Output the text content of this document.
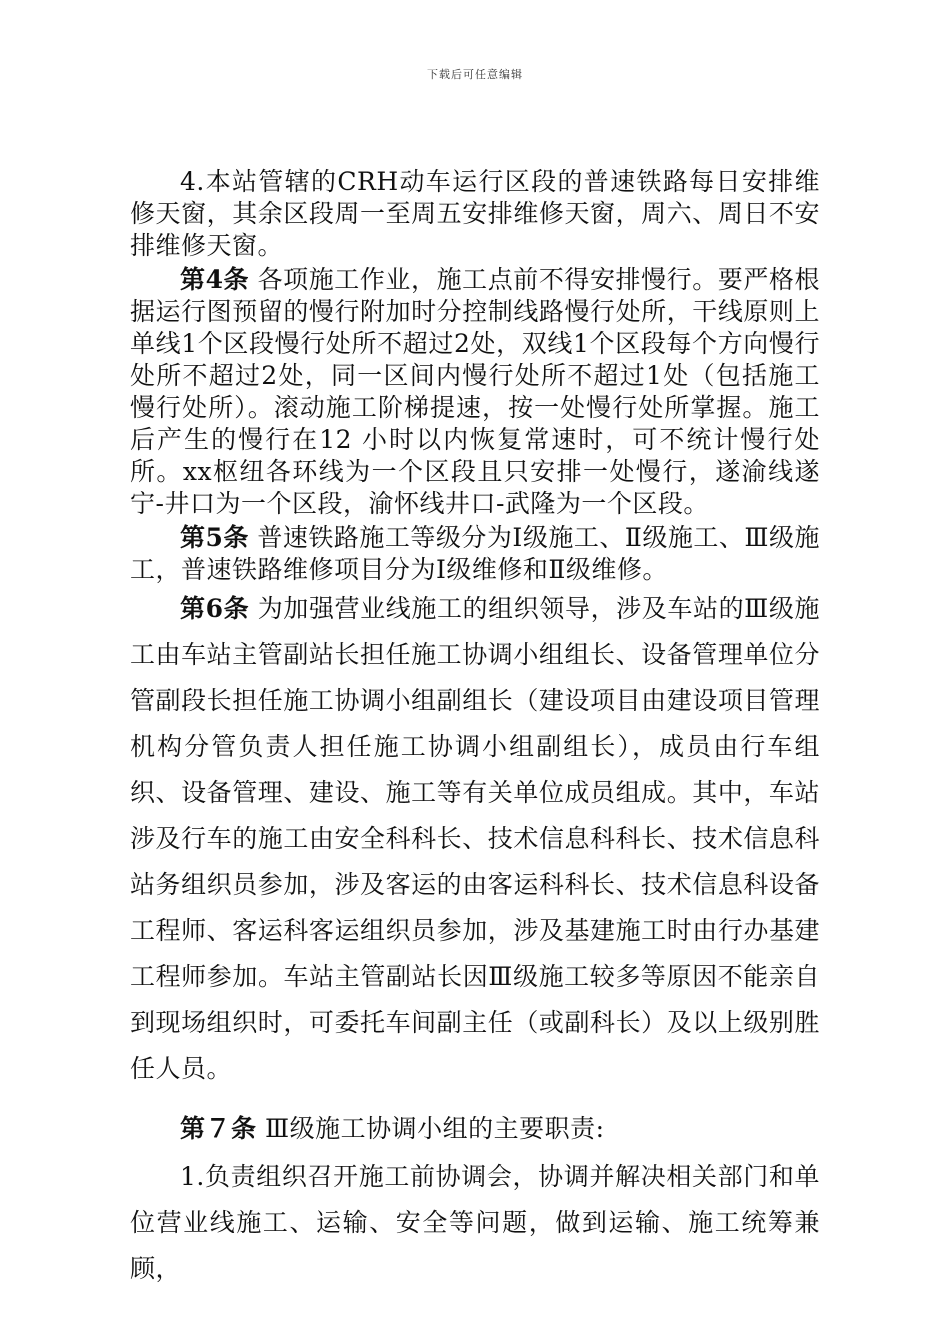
下载后可任意编辑

4.本站管辖的CRH动车运行区段的普速铁路每日安排维修天窗，其余区段周一至周五安排维修天窗，周六、周日不安排维修天窗。

第4条 各项施工作业，施工点前不得安排慢行。要严格根据运行图预留的慢行附加时分控制线路慢行处所，干线原则上单线1个区段慢行处所不超过2处，双线1个区段每个方向慢行处所不超过2处，同一区间内慢行处所不超过1处（包括施工慢行处所）。滚动施工阶梯提速，按一处慢行处所掌握。施工后产生的慢行在12 小时以内恢复常速时，可不统计慢行处所。xx枢纽各环线为一个区段且只安排一处慢行，遂渝线遂宁-井口为一个区段，渝怀线井口-武隆为一个区段。

第5条 普速铁路施工等级分为Ⅰ级施工、Ⅱ级施工、Ⅲ级施工，普速铁路维修项目分为Ⅰ级维修和Ⅱ级维修。

第6条 为加强营业线施工的组织领导，涉及车站的Ⅲ级施工由车站主管副站长担任施工协调小组组长、设备管理单位分管副段长担任施工协调小组副组长（建设项目由建设项目管理机构分管负责人担任施工协调小组副组长），成员由行车组织、设备管理、建设、施工等有关单位成员组成。其中，车站涉及行车的施工由安全科科长、技术信息科科长、技术信息科站务组织员参加，涉及客运的由客运科科长、技术信息科设备工程师、客运科客运组织员参加，涉及基建施工时由行办基建工程师参加。车站主管副站长因Ⅲ级施工较多等原因不能亲自到现场组织时，可委托车间副主任（或副科长）及以上级别胜任人员。

第７条 Ⅲ级施工协调小组的主要职责:

1.负责组织召开施工前协调会，协调并解决相关部门和单位营业线施工、运输、安全等问题，做到运输、施工统筹兼顾，
